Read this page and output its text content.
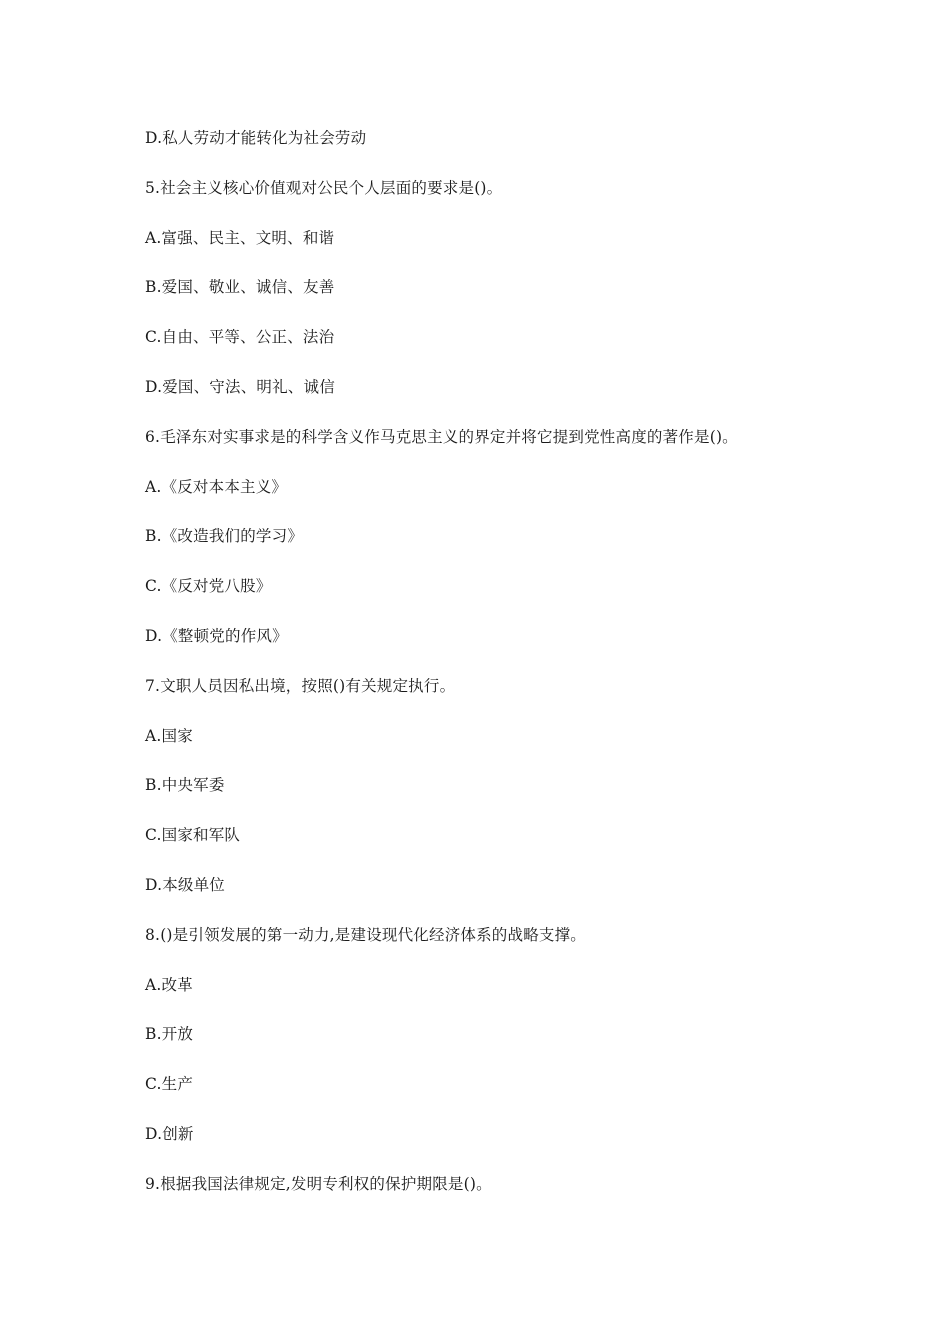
D.私人劳动才能转化为社会劳动
5.社会主义核心价值观对公民个人层面的要求是()。
A.富强、民主、文明、和谐
B.爱国、敬业、诚信、友善
C.自由、平等、公正、法治
D.爱国、守法、明礼、诚信
6.毛泽东对实事求是的科学含义作马克思主义的界定并将它提到党性高度的著作是()。
A.《反对本本主义》
B.《改造我们的学习》
C.《反对党八股》
D.《整顿党的作风》
7.文职人员因私出境，按照()有关规定执行。
A.国家
B.中央军委
C.国家和军队
D.本级单位
8.()是引领发展的第一动力,是建设现代化经济体系的战略支撑。
A.改革
B.开放
C.生产
D.创新
9.根据我国法律规定,发明专利权的保护期限是()。
